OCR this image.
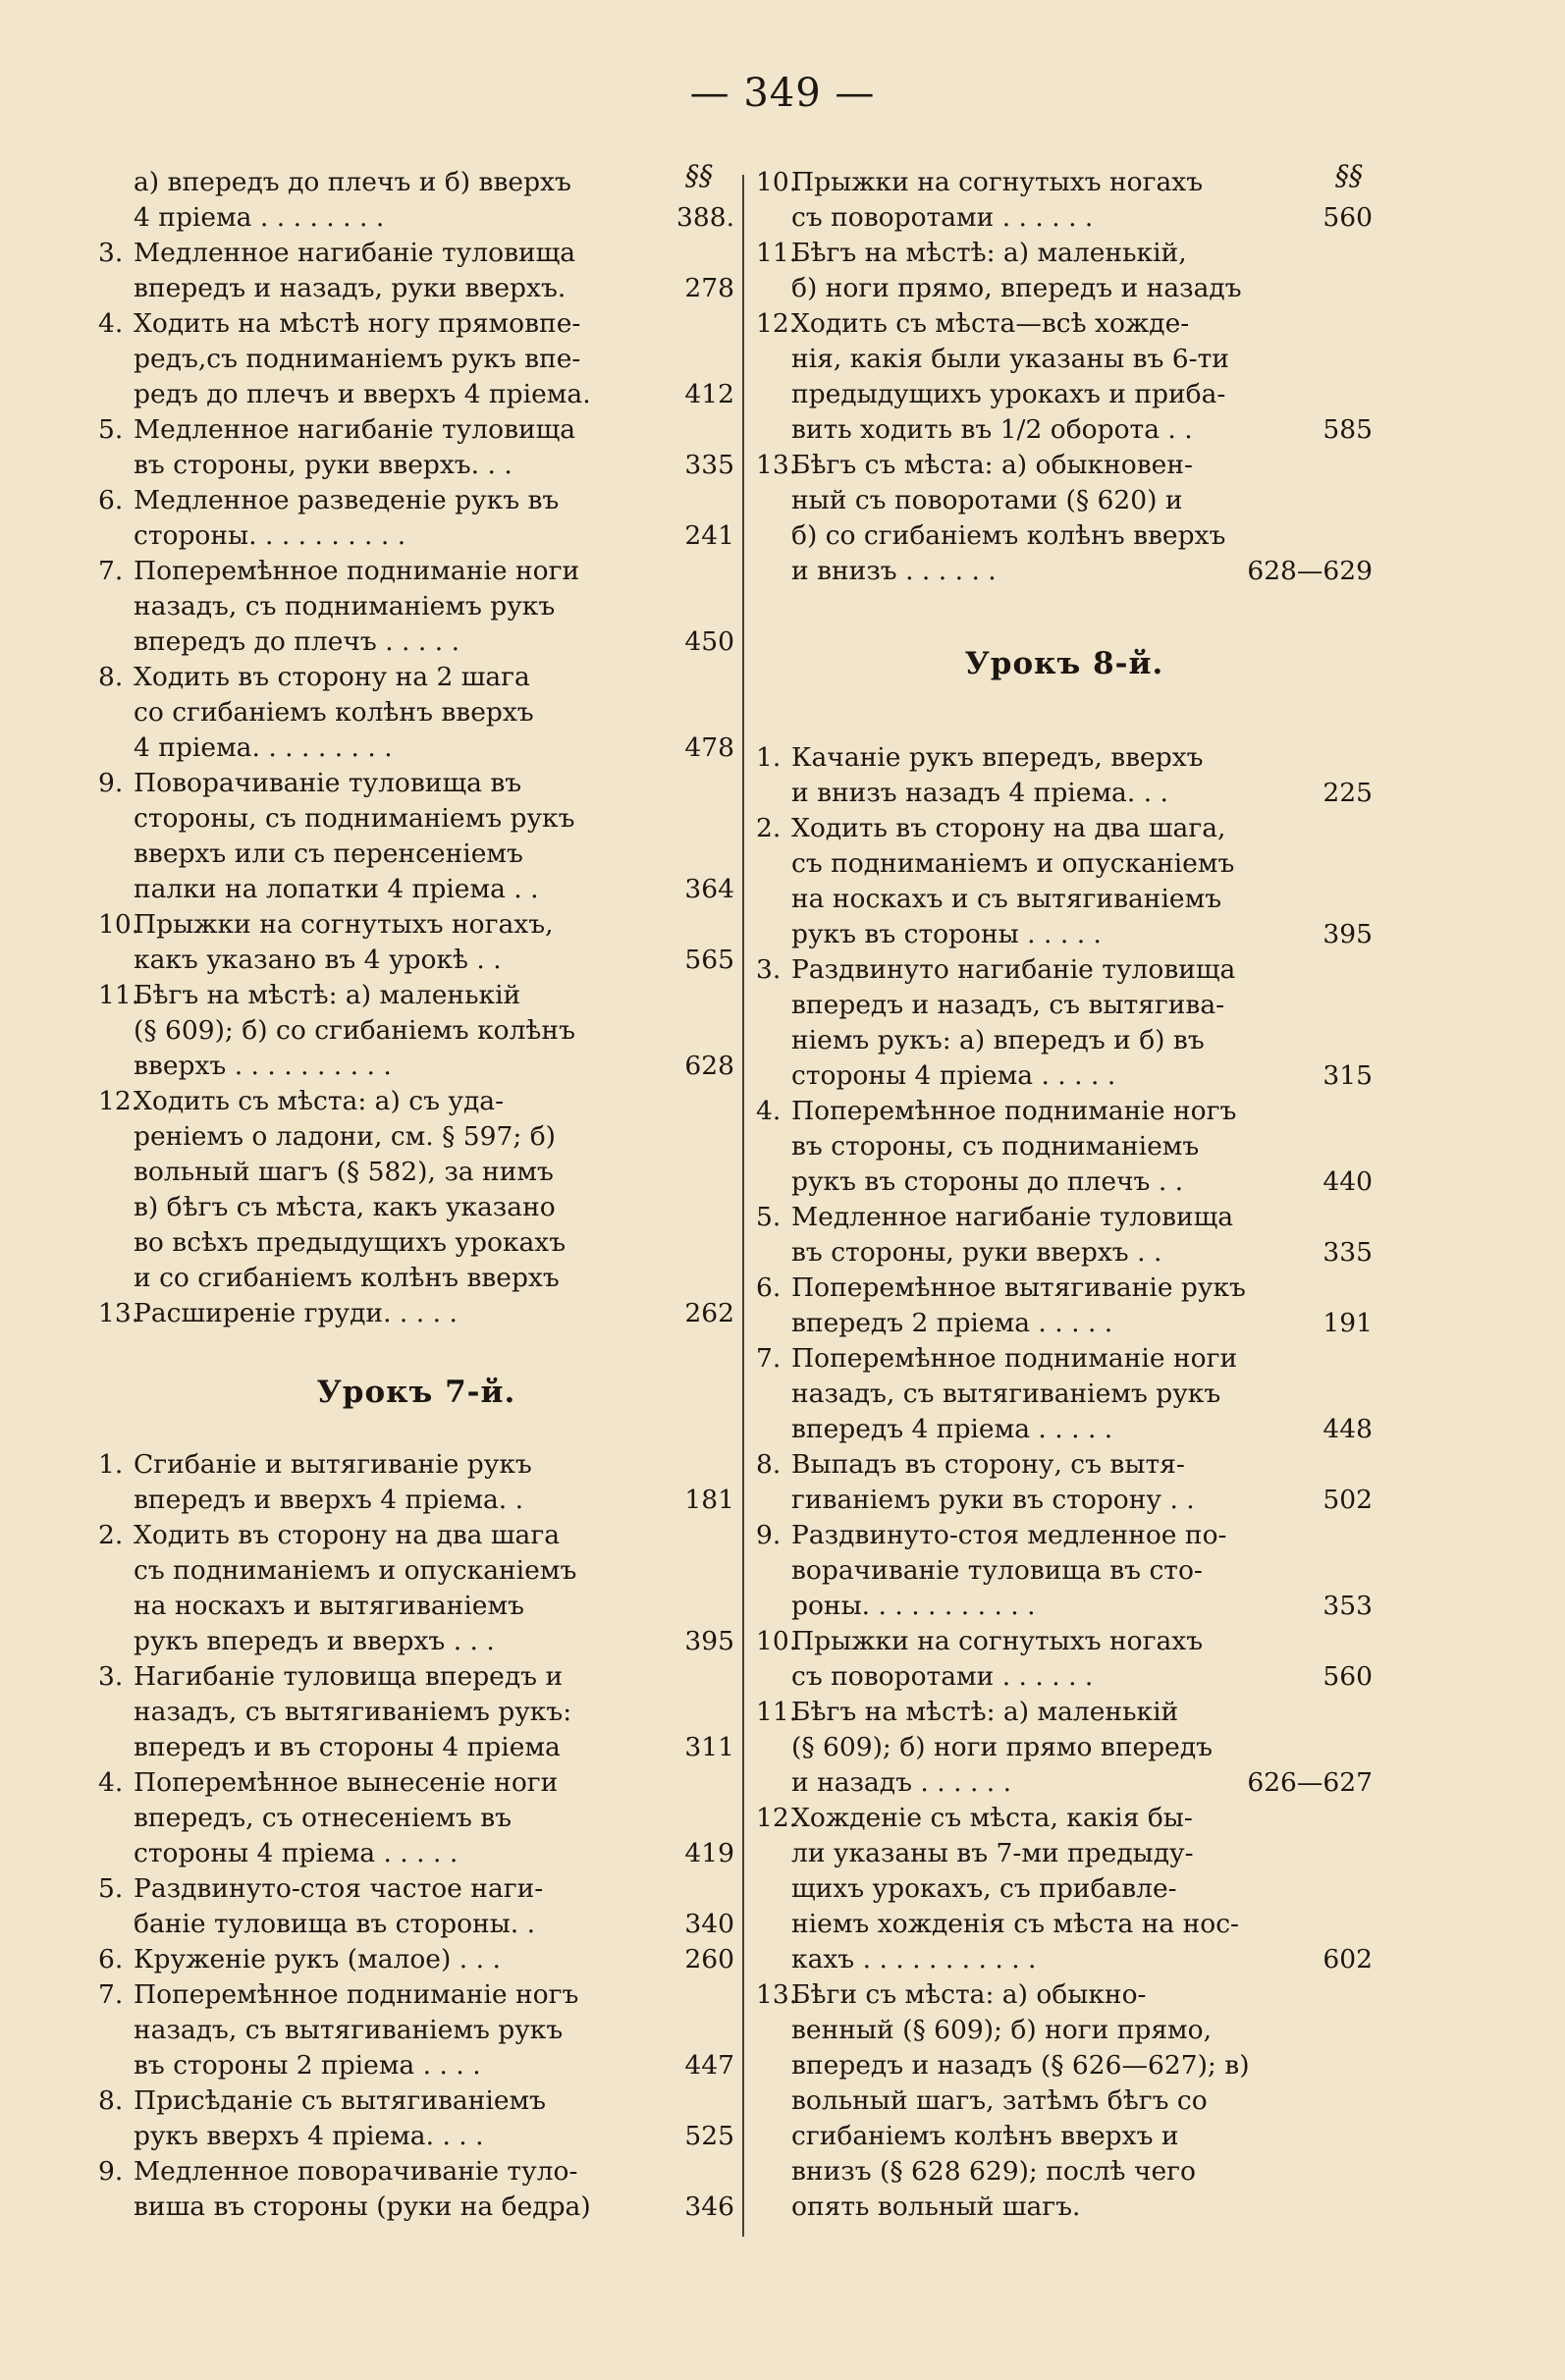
— 349 —
§§	§§
а) впередъ до плечъ и б) вверхъ
4 пріема . . . . . . . .	388.
3. Медленное нагибаніе туловища
впередъ и назадъ, руки вверхъ.	278
4. Ходить на мѣстѣ ногу прямовпе-
редъ,съ подниманіемъ рукъ впе-
редъ до плечъ и вверхъ 4 пріема.	412
5. Медленное нагибаніе туловища
въ стороны, руки вверхъ. . .	335
6. Медленное разведеніе рукъ въ
стороны. . . . . . . . . .	241
7. Поперемѣнное подниманіе ноги
назадъ, съ подниманіемъ рукъ
впередъ до плечъ . . . . .	450
8. Ходить въ сторону на 2 шага
со сгибаніемъ колѣнъ вверхъ
4 пріема. . . . . . . . .	478
9. Поворачиваніе туловища въ
стороны, съ подниманіемъ рукъ
вверхъ или съ перенсеніемъ
палки на лопатки 4 пріема . .	364
10.
Прыжки на согнутыхъ ногахъ,
какъ указано въ 4 урокѣ . .	565
11.
Бѣгъ на мѣстѣ: а) маленькій
(§ 609); б) со сгибаніемъ колѣнъ
вверхъ . . . . . . . . . .	628
12.
Ходить съ мѣста: а) съ уда-
реніемъ о ладони, см. § 597; б)
вольный шагъ (§ 582), за нимъ
в) бѣгъ съ мѣста, какъ указано
во всѣхъ предыдущихъ урокахъ
и со сгибаніемъ колѣнъ вверхъ
13.
Расширеніе груди. . . . .	262
Урокъ 7-й.
1. Сгибаніе и вытягиваніе рукъ
впередъ и вверхъ 4 пріема. .	181
2. Ходить въ сторону на два шага
съ подниманіемъ и опусканіемъ
на носкахъ и вытягиваніемъ
рукъ впередъ и вверхъ . . .	395
3. Нагибаніе туловища впередъ и
назадъ, съ вытягиваніемъ рукъ:
впередъ и въ стороны 4 пріема	311
4. Поперемѣнное вынесеніе ноги
впередъ, съ отнесеніемъ въ
стороны 4 пріема . . . . .	419
5. Раздвинуто-стоя частое наги-
баніе туловища въ стороны. .	340
6. Круженіе рукъ (малое) . . .	260
7. Поперемѣнное подниманіе ногъ
назадъ, съ вытягиваніемъ рукъ
въ стороны 2 пріема . . . .	447
8. Присѣданіе съ вытягиваніемъ
рукъ вверхъ 4 пріема. . . .	525
9. Медленное поворачиваніе туло-
виша въ стороны (руки на бедра)	346
10.
Прыжки на согнутыхъ ногахъ
съ поворотами . . . . . .	560
11.
Бѣгъ на мѣстѣ: а) маленькій,
б) ноги прямо, впередъ и назадъ
12.
Ходить съ мѣста—всѣ хожде-
нія, какія были указаны въ 6-ти
предыдущихъ урокахъ и приба-
вить ходить въ 1/2 оборота . .	585
13.
Бѣгъ съ мѣста: а) обыкновен-
ный съ поворотами (§ 620) и
б) со сгибаніемъ колѣнъ вверхъ
и внизъ . . . . . .	628—629
Урокъ 8-й.
1. Качаніе рукъ впередъ, вверхъ
и внизъ назадъ 4 пріема. . .	225
2. Ходить въ сторону на два шага,
съ подниманіемъ и опусканіемъ
на носкахъ и съ вытягиваніемъ
рукъ въ стороны . . . . .	395
3. Раздвинуто нагибаніе туловища
впередъ и назадъ, съ вытягива-
ніемъ рукъ: а) впередъ и б) въ
стороны 4 пріема . . . . .	315
4. Поперемѣнное подниманіе ногъ
въ стороны, съ подниманіемъ
рукъ въ стороны до плечъ . .	440
5. Медленное нагибаніе туловища
въ стороны, руки вверхъ . .	335
6. Поперемѣнное вытягиваніе рукъ
впередъ 2 пріема . . . . .	191
7. Поперемѣнное подниманіе ноги
назадъ, съ вытягиваніемъ рукъ
впередъ 4 пріема . . . . .	448
8. Выпадъ въ сторону, съ вытя-
гиваніемъ руки въ сторону . .	502
9. Раздвинуто-стоя медленное по-
ворачиваніе туловища въ сто-
роны. . . . . . . . . . .	353
10.
Прыжки на согнутыхъ ногахъ
съ поворотами . . . . . .	560
11.
Бѣгъ на мѣстѣ: а) маленькій
(§ 609); б) ноги прямо впередъ
и назадъ . . . . . .	626—627
12.
Хожденіе съ мѣста, какія бы-
ли указаны въ 7-ми предыду-
щихъ урокахъ, съ прибавле-
ніемъ хожденія съ мѣста на нос-
кахъ . . . . . . . . . . .	602
13.
Бѣги съ мѣста: а) обыкно-
венный (§ 609); б) ноги прямо,
впередъ и назадъ (§ 626—627); в)
вольный шагъ, затѣмъ бѣгъ со
сгибаніемъ колѣнъ вверхъ и
внизъ (§ 628 629); послѣ чего
опять вольный шагъ.
